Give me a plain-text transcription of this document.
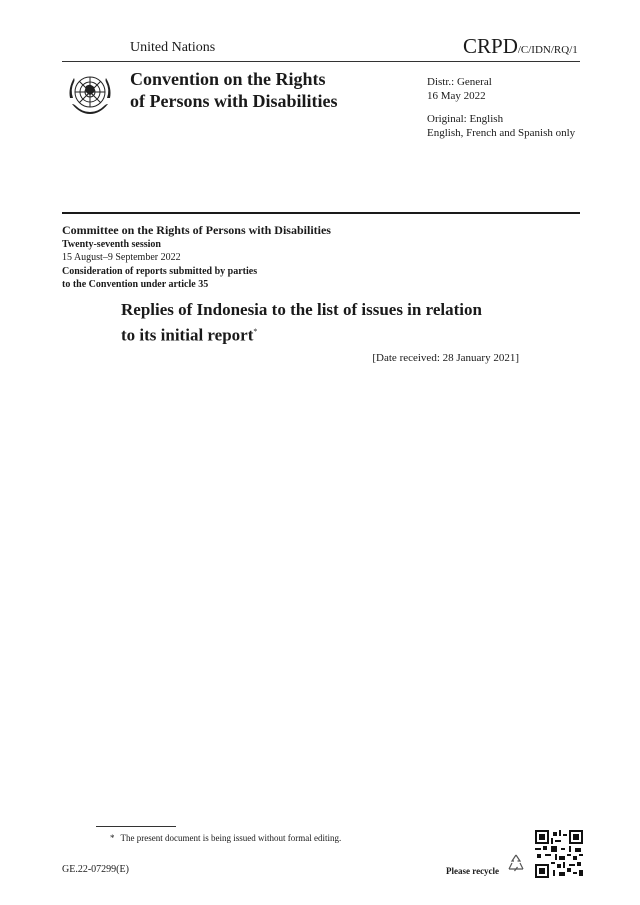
United Nations	CRPD/C/IDN/RQ/1
Convention on the Rights
of Persons with Disabilities
Distr.: General
16 May 2022
Original: English
English, French and Spanish only
Committee on the Rights of Persons with Disabilities
Twenty-seventh session
15 August–9 September 2022
Consideration of reports submitted by parties
to the Convention under article 35
Replies of Indonesia to the list of issues in relation
to its initial report*
[Date received: 28 January 2021]
* The present document is being issued without formal editing.
GE.22-07299(E)	Please recycle
